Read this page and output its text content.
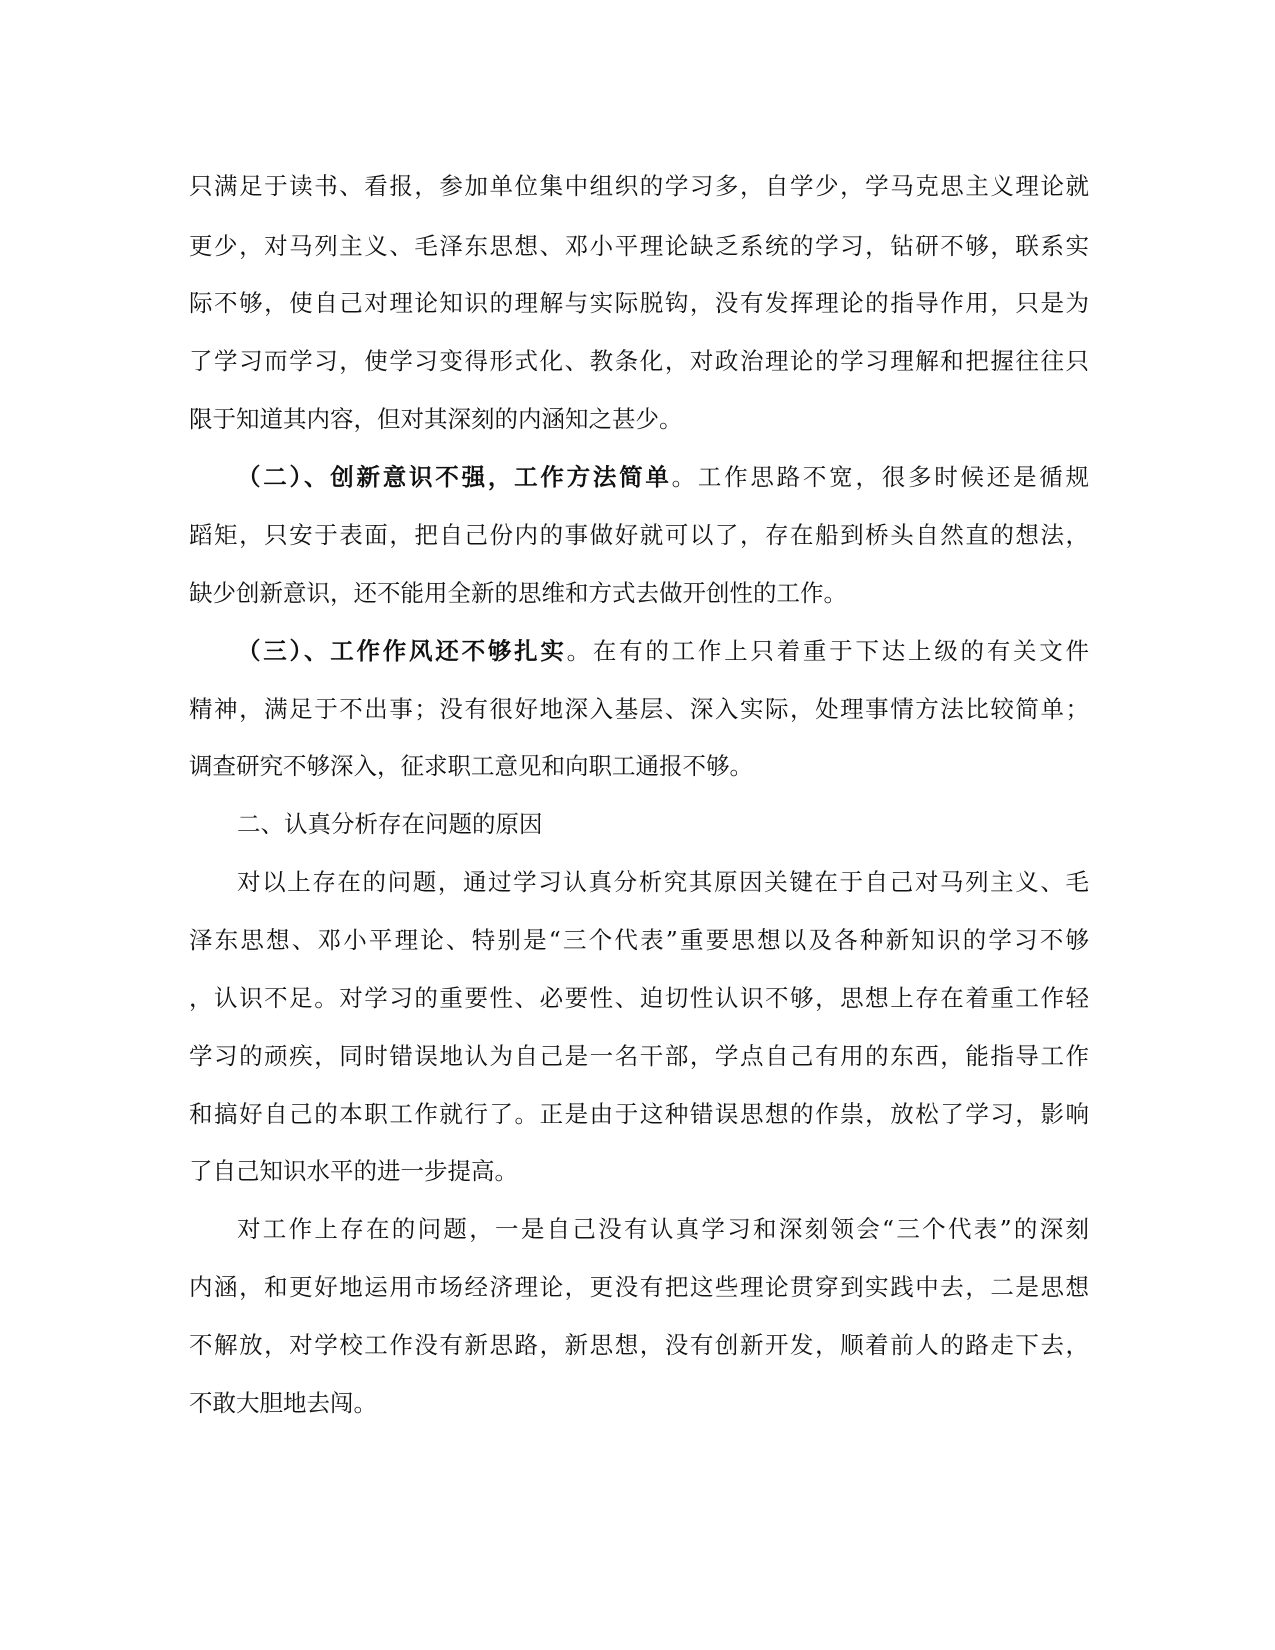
只满足于读书、看报，参加单位集中组织的学习多，自学少，学马克思主义理论就
更少，对马列主义、毛泽东思想、邓小平理论缺乏系统的学习，钻研不够，联系实
际不够，使自己对理论知识的理解与实际脱钩，没有发挥理论的指导作用，只是为
了学习而学习，使学习变得形式化、教条化，对政治理论的学习理解和把握往往只
限于知道其内容，但对其深刻的内涵知之甚少。
（二）、创新意识不强，工作方法简单。工作思路不宽，很多时候还是循规
蹈矩，只安于表面，把自己份内的事做好就可以了，存在船到桥头自然直的想法，
缺少创新意识，还不能用全新的思维和方式去做开创性的工作。
（三）、工作作风还不够扎实。在有的工作上只着重于下达上级的有关文件
精神，满足于不出事；没有很好地深入基层、深入实际，处理事情方法比较简单；
调查研究不够深入，征求职工意见和向职工通报不够。
二、认真分析存在问题的原因
对以上存在的问题，通过学习认真分析究其原因关键在于自己对马列主义、毛
泽东思想、邓小平理论、特别是“三个代表”重要思想以及各种新知识的学习不够
，认识不足。对学习的重要性、必要性、迫切性认识不够，思想上存在着重工作轻
学习的顽疾，同时错误地认为自己是一名干部，学点自己有用的东西，能指导工作
和搞好自己的本职工作就行了。正是由于这种错误思想的作祟，放松了学习，影响
了自己知识水平的进一步提高。
对工作上存在的问题，一是自己没有认真学习和深刻领会“三个代表”的深刻
内涵，和更好地运用市场经济理论，更没有把这些理论贯穿到实践中去，二是思想
不解放，对学校工作没有新思路，新思想，没有创新开发，顺着前人的路走下去，
不敢大胆地去闯。
